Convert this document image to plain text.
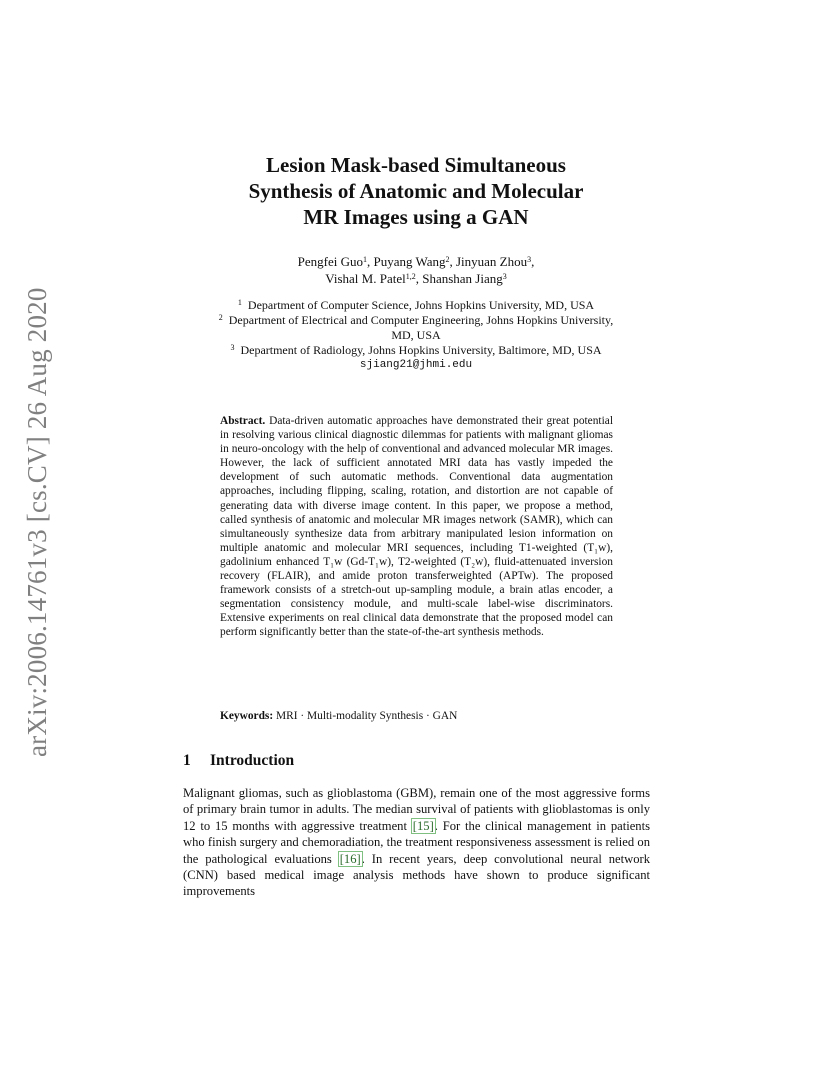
arXiv:2006.14761v3 [cs.CV] 26 Aug 2020
Lesion Mask-based Simultaneous
Synthesis of Anatomic and Molecular
MR Images using a GAN
Pengfei Guo$^1$, Puyang Wang$^2$, Jinyuan Zhou$^3$,
Vishal M. Patel$^{1,2}$, Shanshan Jiang$^3$
$^1$ Department of Computer Science, Johns Hopkins University, MD, USA
$^2$ Department of Electrical and Computer Engineering, Johns Hopkins University,
MD, USA
$^3$ Department of Radiology, Johns Hopkins University, Baltimore, MD, USA
sjiang21@jhmi.edu

Abstract. Data-driven automatic approaches have demonstrated their great potential in resolving various clinical diagnostic dilemmas for patients with malignant gliomas in neuro-oncology with the help of conventional and advanced molecular MR images. However, the lack of sufficient annotated MRI data has vastly impeded the development of such automatic methods. Conventional data augmentation approaches, including flipping, scaling, rotation, and distortion are not capable of generating data with diverse image content. In this paper, we propose a method, called synthesis of anatomic and molecular MR images network (SAMR), which can simultaneously synthesize data from arbitrary manipulated lesion information on multiple anatomic and molecular MRI sequences, including T1-weighted (T₁w), gadolinium enhanced T₁w (Gd-T₁w), T2-weighted (T₂w), fluid-attenuated inversion recovery (FLAIR), and amide proton transferweighted (APTw). The proposed framework consists of a stretch-out up-sampling module, a brain atlas encoder, a segmentation consistency module, and multi-scale label-wise discriminators. Extensive experiments on real clinical data demonstrate that the proposed model can perform significantly better than the state-of-the-art synthesis methods.

Keywords: MRI · Multi-modality Synthesis · GAN
1 Introduction

Malignant gliomas, such as glioblastoma (GBM), remain one of the most aggressive forms of primary brain tumor in adults. The median survival of patients with glioblastomas is only 12 to 15 months with aggressive treatment [15]. For the clinical management in patients who finish surgery and chemoradiation, the treatment responsiveness assessment is relied on the pathological evaluations [16]. In recent years, deep convolutional neural network (CNN) based medical image analysis methods have shown to produce significant improvements
